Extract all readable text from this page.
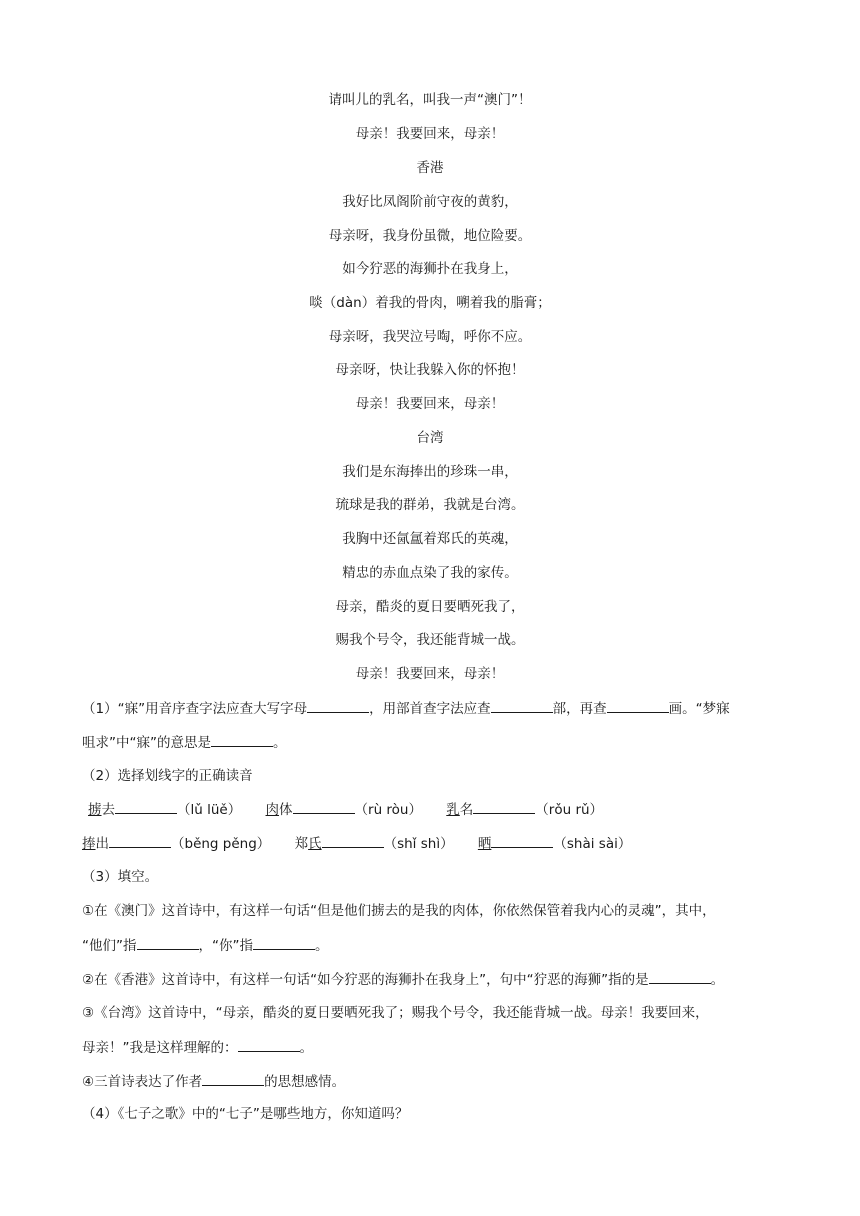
请叫儿的乳名，叫我一声“澳门”！
母亲！我要回来，母亲！
香港
我好比凤阁阶前守夜的黄豹，
母亲呀，我身份虽微，地位险要。
如今狞恶的海狮扑在我身上，
啖（dàn）着我的骨肉，嗍着我的脂膏；
母亲呀，我哭泣号啕，呼你不应。
母亲呀，快让我躲入你的怀抱！
母亲！我要回来，母亲！
台湾
我们是东海捧出的珍珠一串，
琉球是我的群弟，我就是台湾。
我胸中还氤氲着郑氏的英魂，
精忠的赤血点染了我的家传。
母亲，酷炎的夏日要晒死我了，
赐我个号令，我还能背城一战。
母亲！我要回来，母亲！
（1）“寐”用音序查字法应查大写字母	，用部首查字法应查	部，再查	画。“梦寐
咀求”中“寐”的意思是	。
（2）选择划线字的正确读音
掳去	（lǔ lüě） 肉体	（rù ròu） 乳名	（rǒu rǔ）
捧出	（běng pěng） 郑氏	（shǐ shì） 晒	（shài sài）
（3）填空。
①在《澳门》这首诗中，有这样一句话“但是他们掳去的是我的肉体，你依然保管着我内心的灵魂”，其中，
“他们”指	，“你”指	。
②在《香港》这首诗中，有这样一句话“如今狞恶的海狮扑在我身上”，句中“狞恶的海狮”指的是	。
③《台湾》这首诗中，“母亲，酷炎的夏日要晒死我了；赐我个号令，我还能背城一战。母亲！我要回来，
母亲！”我是这样理解的：	。
④三首诗表达了作者	的思想感情。
（4）《七子之歌》中的“七子”是哪些地方，你知道吗？
